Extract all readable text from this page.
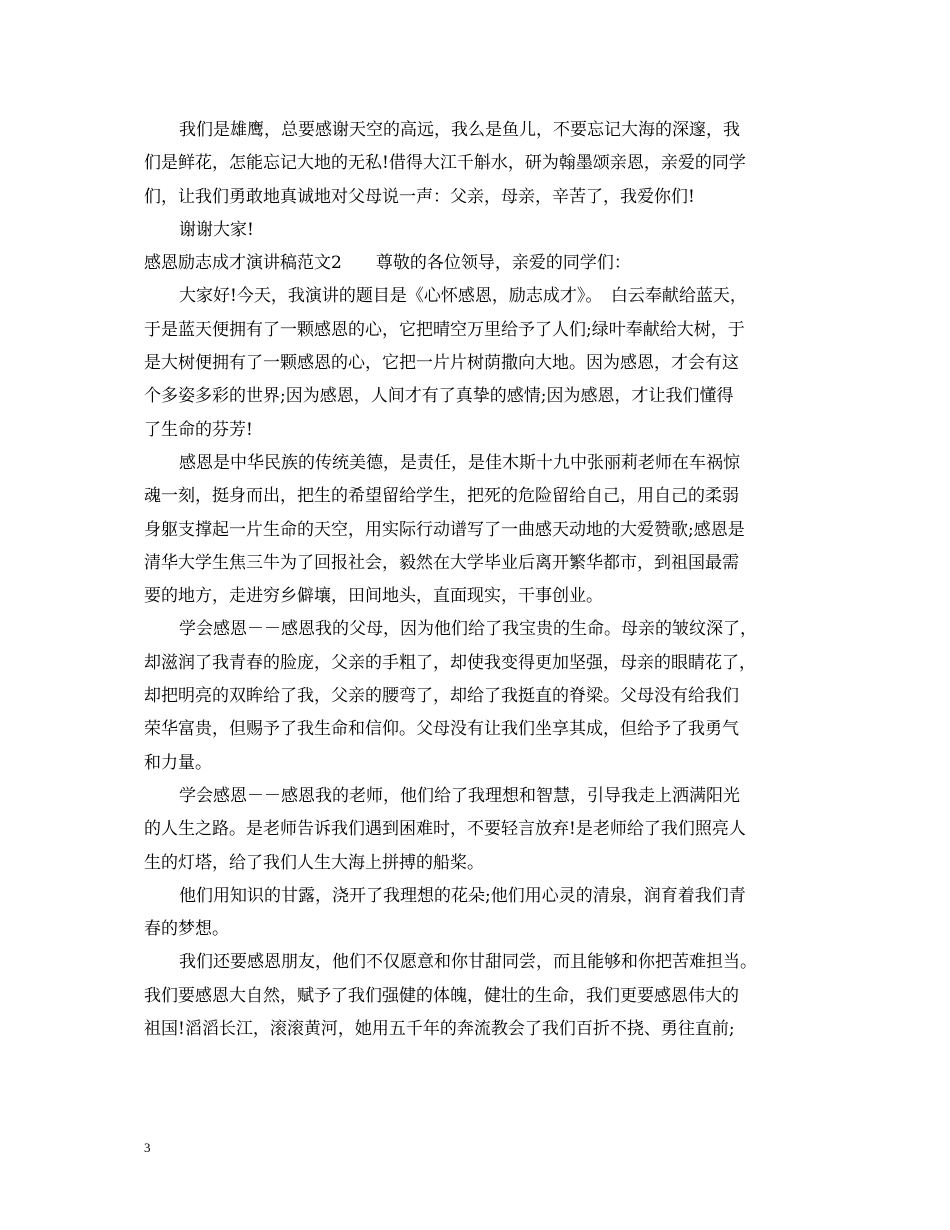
我们是雄鹰，总要感谢天空的高远，我么是鱼儿，不要忘记大海的深邃，我
们是鲜花，怎能忘记大地的无私!借得大江千斛水，研为翰墨颂亲恩，亲爱的同学
们，让我们勇敢地真诚地对父母说一声：父亲，母亲，辛苦了，我爱你们!
谢谢大家!
感恩励志成才演讲稿范文2　　尊敬的各位领导，亲爱的同学们：
大家好!今天，我演讲的题目是《心怀感恩，励志成才》。　白云奉献给蓝天，
于是蓝天便拥有了一颗感恩的心，它把晴空万里给予了人们;绿叶奉献给大树，于
是大树便拥有了一颗感恩的心，它把一片片树荫撒向大地。因为感恩，才会有这
个多姿多彩的世界;因为感恩，人间才有了真挚的感情;因为感恩，才让我们懂得
了生命的芬芳!
感恩是中华民族的传统美德，是责任，是佳木斯十九中张丽莉老师在车祸惊
魂一刻，挺身而出，把生的希望留给学生，把死的危险留给自己，用自己的柔弱
身躯支撑起一片生命的天空，用实际行动谱写了一曲感天动地的大爱赞歌;感恩是
清华大学生焦三牛为了回报社会，毅然在大学毕业后离开繁华都市，到祖国最需
要的地方，走进穷乡僻壤，田间地头，直面现实，干事创业。
学会感恩－－感恩我的父母，因为他们给了我宝贵的生命。母亲的皱纹深了，
却滋润了我青春的脸庞，父亲的手粗了，却使我变得更加坚强，母亲的眼睛花了，
却把明亮的双眸给了我，父亲的腰弯了，却给了我挺直的脊梁。父母没有给我们
荣华富贵，但赐予了我生命和信仰。父母没有让我们坐享其成，但给予了我勇气
和力量。
学会感恩－－感恩我的老师，他们给了我理想和智慧，引导我走上洒满阳光
的人生之路。是老师告诉我们遇到困难时，不要轻言放弃!是老师给了我们照亮人
生的灯塔，给了我们人生大海上拼搏的船桨。
他们用知识的甘露，浇开了我理想的花朵;他们用心灵的清泉，润育着我们青
春的梦想。
我们还要感恩朋友，他们不仅愿意和你甘甜同尝，而且能够和你把苦难担当。
我们要感恩大自然，赋予了我们强健的体魄，健壮的生命，我们更要感恩伟大的
祖国!滔滔长江，滚滚黄河，她用五千年的奔流教会了我们百折不挠、勇往直前;
3
